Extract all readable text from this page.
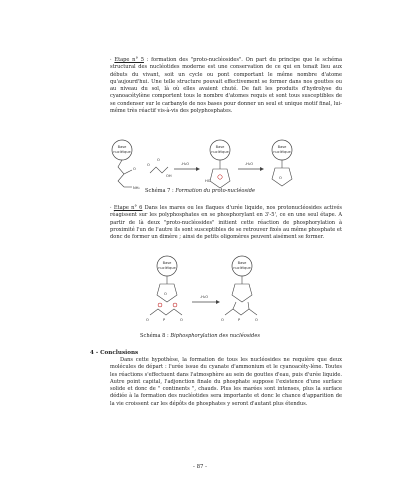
· Etape n° 5 : formation des "proto-nucléosides". On part du principe que le schéma structural des nucléotides moderne est une conservation de ce qui en tenait lieu aux débuts du vivant, soit un cycle ou pont comportant le même nombre d'atome qu'aujourd'hui. Une telle structure pouvait effectivement se former dans nos gouttes ou au niveau du sol, là où elles avaient chuté. De fait les produits d'hydrolyse du cyanoacétylène comportent tous le nombre d'atomes requis et sont tous susceptibles de se condenser sur le carbanyle de nos bases pour donner un seul et unique motif final, lui-même très réactif vis-à-vis des polyphosphates.

Base
nucléique
NH₂
O
O
OH
O
-H₂O
Base
nucléique
HO
-H₂O
Base
nucléique
O
Schéma 7 : Formation du proto-nucléoside

· Etape n° 6 Dans les mares ou les flaques d'urée liquide, nos protonucléosides activés réagissent sur les polyphosphates en se phosphorylant en 3'-5', ce en une seul étape. A partir de là deux "proto-nucléosides" initient cette réaction de phosphorylation à proximité l'un de l'autre ils sont susceptibles de se retrouver fixés au même phosphate et donc de former un dimère ; ainsi de petits oligomères peuvent aisément se former.

Base
nucléique
O
O	P	O
-H₂O
Base
nucléique
O	P	O
Schéma 8 : Biphosphorylation des nucléosides
4 - Conclusions

Dans cette hypothèse, la formation de tous les nucléosides ne requière que deux molécules de départ : l'urée issue du cyanate d'ammonium et le cyanoacéty-lène. Toutes les réactions s'effectuent dans l'atmosphère au sein de gouttes d'eau, puis d'urée liquide. Autre point capital, l'adjonction finale du phosphate suppose l'existence d'une surface solide et donc de " continents ", chauds. Plus les marées sont intenses, plus la surface dédiée à la formation des nucléotides sera importante et donc le chance d'apparition de la vie croissent car les dépôts de phosphates y seront d'autant plus étendus.

- 87 -
